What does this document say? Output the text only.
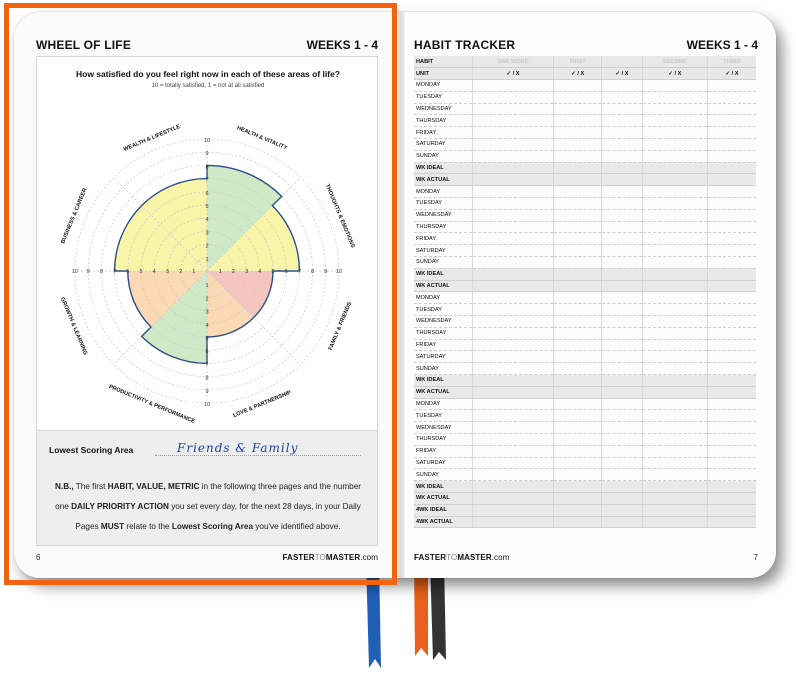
WHEEL OF LIFE	WEEKS 1 - 4
How satisfied do you feel right now in each of these areas of life?
10 = totally satisfied, 1 = not at all satisfied
1
1
1
1
2
2
2
2
3
3
3
3
4
4
4
4
5
5
5
5
6
6
6
6
7
7
7
7
8
8
8
8
9
9
9
9
10
10
10
10
HEALTH & VITALITY
THOUGHTS & EMOTIONS
FAMILY & FRIENDS
LOVE & PARTNERSHIP
PRODUCTIVITY & PERFORMANCE
GROWTH & LEARNING
BUSINESS & CAREER
WEALTH & LIFESTYLE
Lowest Scoring Area	Friends & Family
N.B., The first HABIT, VALUE, METRIC in the following three pages and the number one DAILY PRIORITY ACTION you set every day, for the next 28 days, in your Daily Pages MUST relate to the Lowest Scoring Area you've identified above.
6	FASTERTOMASTER.com
HABIT TRACKER	WEEKS 1 - 4
HABIT	ONE WORD	FIRST		SECOND	THIRD
UNIT	✓ / X	✓ / X	✓ / X	✓ / X	✓ / X
MONDAY					
TUESDAY					
WEDNESDAY					
THURSDAY					
FRIDAY					
SATURDAY					
SUNDAY					
WK IDEAL					
WK ACTUAL					
MONDAY					
TUESDAY					
WEDNESDAY					
THURSDAY					
FRIDAY					
SATURDAY					
SUNDAY					
WK IDEAL					
WK ACTUAL					
MONDAY					
TUESDAY					
WEDNESDAY					
THURSDAY					
FRIDAY					
SATURDAY					
SUNDAY					
WK IDEAL					
WK ACTUAL					
MONDAY					
TUESDAY					
WEDNESDAY					
THURSDAY					
FRIDAY					
SATURDAY					
SUNDAY					
WK IDEAL					
WK ACTUAL					
4WK IDEAL					
4WK ACTUAL					
FASTERTOMASTER.com	7
